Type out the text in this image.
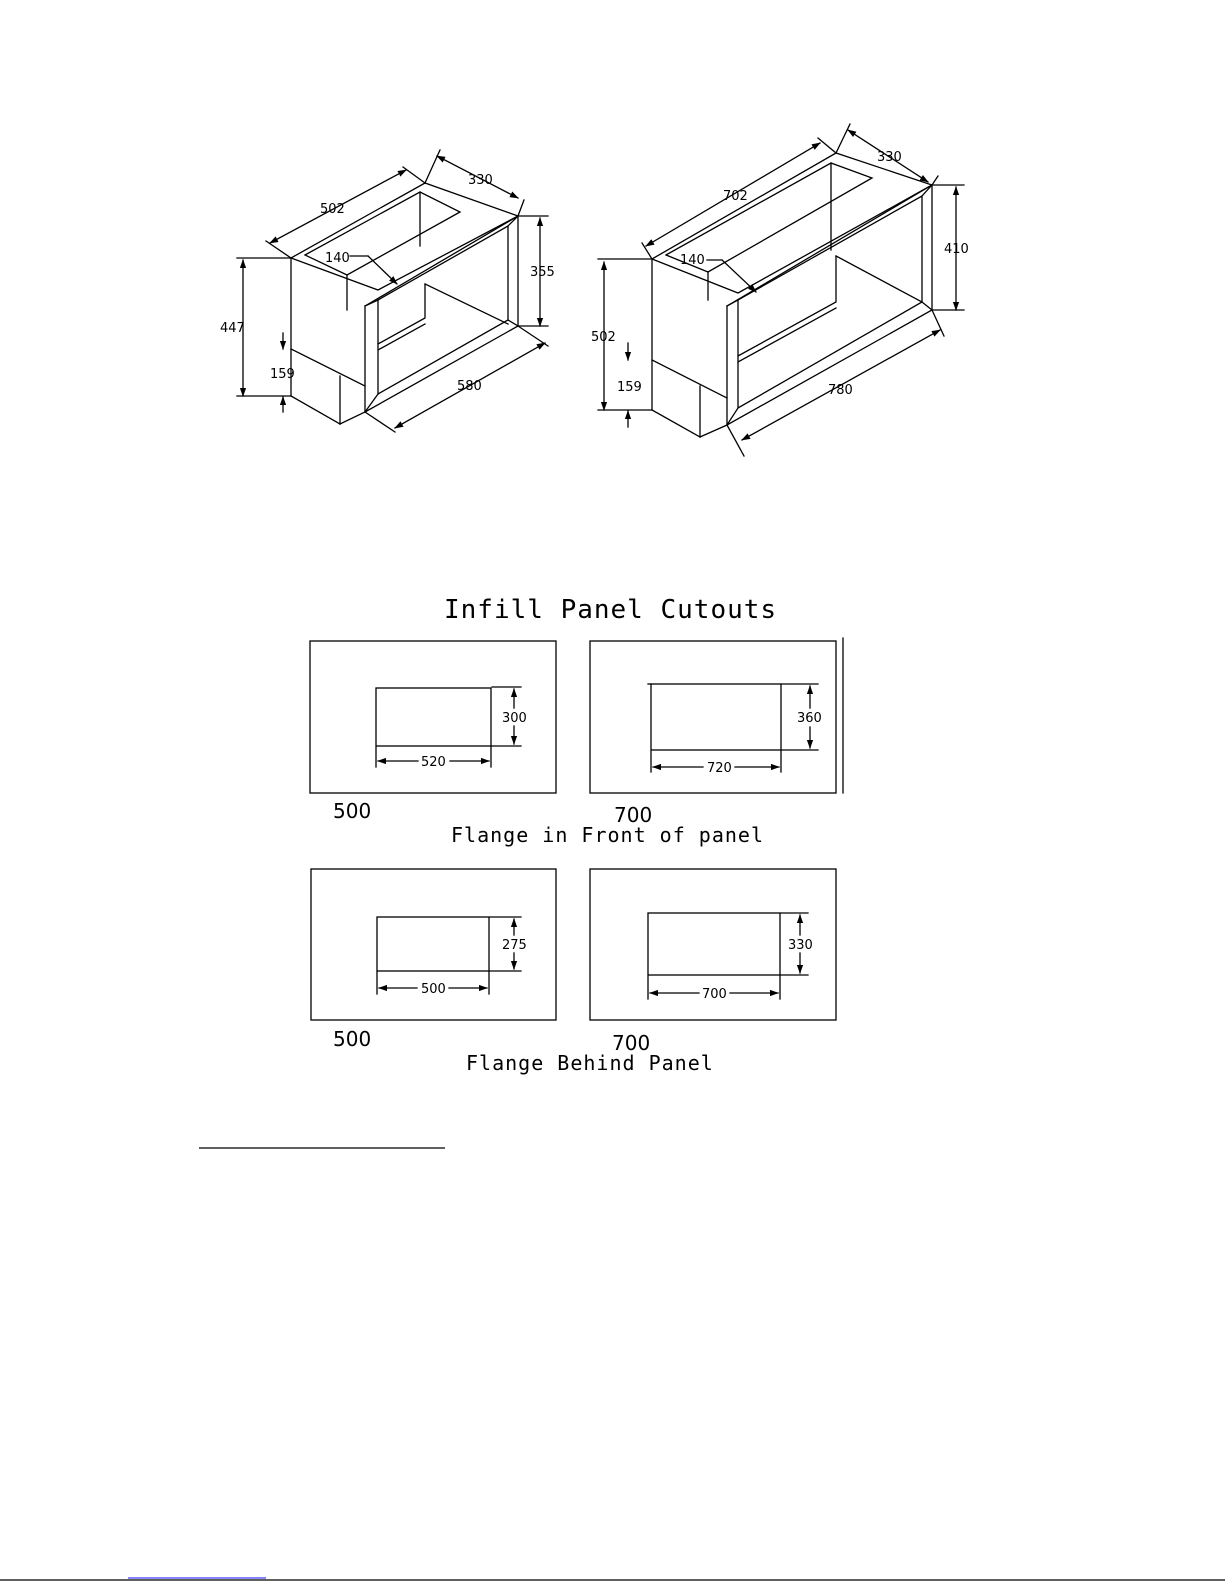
502
330
140
355
580
447
159
702
330
140
410
780
502
159
Infill Panel Cutouts
300
520
500
360
720
700
Flange in Front of panel
275
500
500
330
700
700
Flange Behind Panel
